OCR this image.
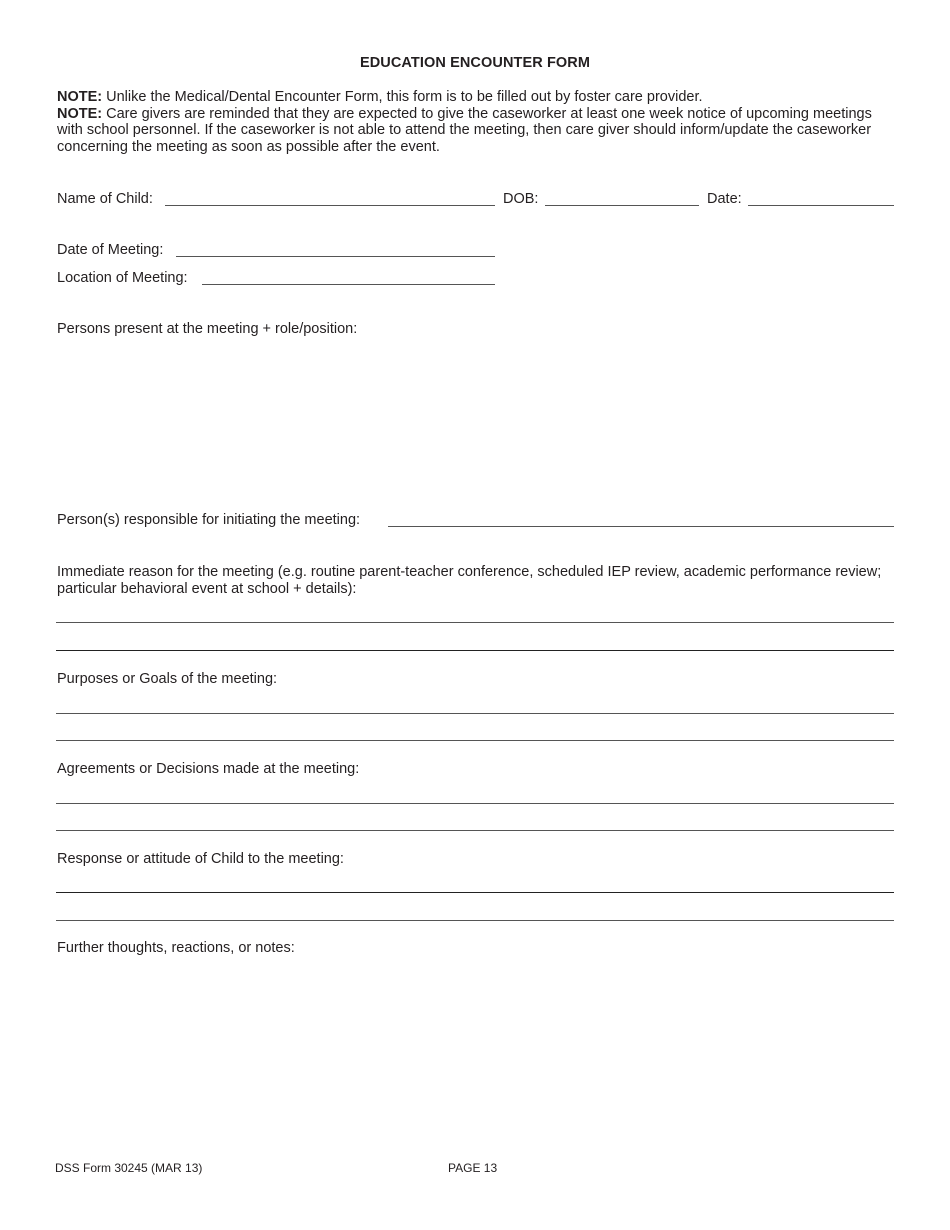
EDUCATION ENCOUNTER FORM
NOTE: Unlike the Medical/Dental Encounter Form, this form is to be filled out by foster care provider.
NOTE: Care givers are reminded that they are expected to give the caseworker at least one week notice of upcoming meetings with school personnel. If the caseworker is not able to attend the meeting, then care giver should inform/update the caseworker concerning the meeting as soon as possible after the event.
Name of Child:	DOB:	Date:
Date of Meeting:
Location of Meeting:
Persons present at the meeting + role/position:
Person(s) responsible for initiating the meeting:
Immediate reason for the meeting (e.g. routine parent-teacher conference, scheduled IEP review, academic performance review; particular behavioral event at school + details):
Purposes or Goals of the meeting:
Agreements or Decisions made at the meeting:
Response or attitude of Child to the meeting:
Further thoughts, reactions, or notes:
DSS Form 30245 (MAR 13)	PAGE 13
